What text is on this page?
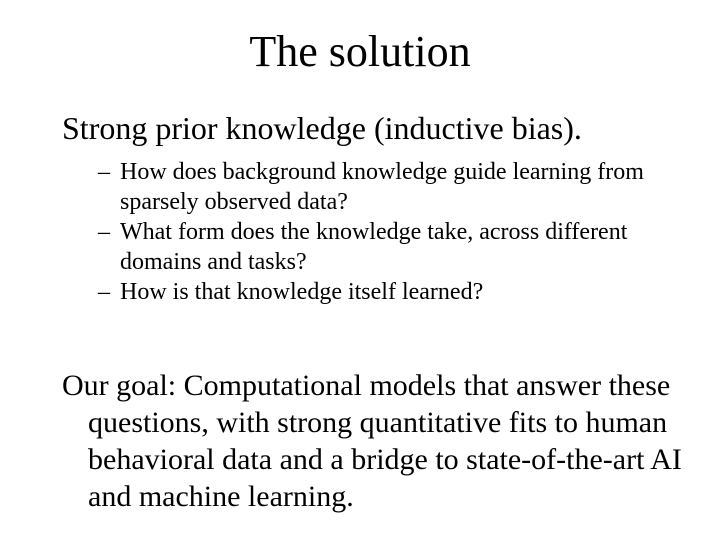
The solution

Strong prior knowledge (inductive bias).

– How does background knowledge guide learning from sparsely observed data?
– What form does the knowledge take, across different domains and tasks?
– How is that knowledge itself learned?

Our goal: Computational models that answer these questions, with strong quantitative fits to human behavioral data and a bridge to state-of-the-art AI and machine learning.
